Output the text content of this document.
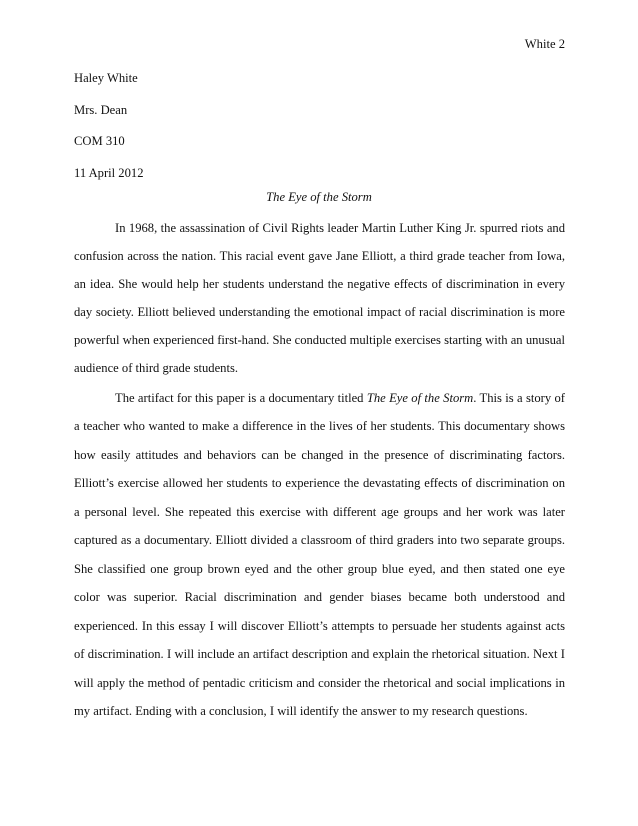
White 2
Haley White
Mrs. Dean
COM 310
11 April 2012
The Eye of the Storm
In 1968, the assassination of Civil Rights leader Martin Luther King Jr. spurred riots and
confusion across the nation. This racial event gave Jane Elliott, a third grade teacher from Iowa,
an idea. She would help her students understand the negative effects of discrimination in every
day society. Elliott believed understanding the emotional impact of racial discrimination is more
powerful when experienced first-hand. She conducted multiple exercises starting with an unusual
audience of third grade students.
The artifact for this paper is a documentary titled The Eye of the Storm. This is a story of
a teacher who wanted to make a difference in the lives of her students. This documentary shows
how easily attitudes and behaviors can be changed in the presence of discriminating factors.
Elliott’s exercise allowed her students to experience the devastating effects of discrimination on
a personal level. She repeated this exercise with different age groups and her work was later
captured as a documentary. Elliott divided a classroom of third graders into two separate groups.
She classified one group brown eyed and the other group blue eyed, and then stated one eye
color was superior. Racial discrimination and gender biases became both understood and
experienced. In this essay I will discover Elliott’s attempts to persuade her students against acts
of discrimination. I will include an artifact description and explain the rhetorical situation. Next I
will apply the method of pentadic criticism and consider the rhetorical and social implications in
my artifact. Ending with a conclusion, I will identify the answer to my research questions.
